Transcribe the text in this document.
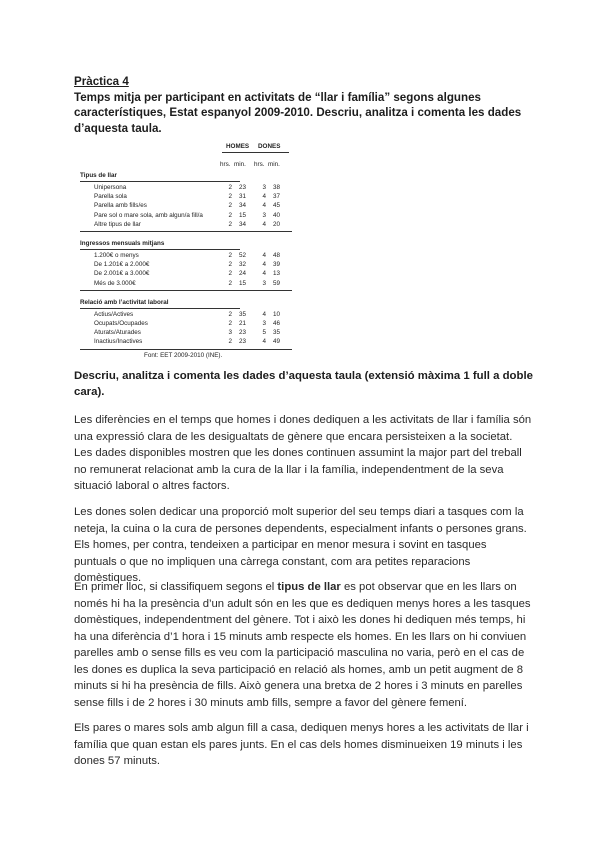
Pràctica 4
Temps mitja per participant en activitats de “llar i família” segons algunes característiques, Estat espanyol 2009-2010. Descriu, analitza i comenta les dades d’aquesta taula.
HOMES DONES
hrs. min. hrs. min.
Tipus de llar
Unipersona	2	23	3	38
Parella sola	2	31	4	37
Parella amb fills/es	2	34	4	45
Pare sol o mare sola, amb algun/a fill/a	2	15	3	40
Altre tipus de llar	2	34	4	20
Ingressos mensuals mitjans
1.200€ o menys	2	52	4	48
De 1.201€ a 2.000€	2	32	4	39
De 2.001€ a 3.000€	2	24	4	13
Més de 3.000€	2	15	3	59
Relació amb l’activitat laboral
Actius/Actives	2	35	4	10
Ocupats/Ocupades	2	21	3	46
Aturats/Aturades	3	23	5	35
Inactius/Inactives	2	23	4	49
Font: EET 2009-2010 (INE).
Descriu, analitza i comenta les dades d’aquesta taula (extensió màxima 1 full a doble cara).
Les diferències en el temps que homes i dones dediquen a les activitats de llar i família són una expressió clara de les desigualtats de gènere que encara persisteixen a la societat. Les dades disponibles mostren que les dones continuen assumint la major part del treball no remunerat relacionat amb la cura de la llar i la família, independentment de la seva situació laboral o altres factors.
Les dones solen dedicar una proporció molt superior del seu temps diari a tasques com la neteja, la cuina o la cura de persones dependents, especialment infants o persones grans. Els homes, per contra, tendeixen a participar en menor mesura i sovint en tasques puntuals o que no impliquen una càrrega constant, com ara petites reparacions domèstiques.
En primer lloc, si classifiquem segons el tipus de llar es pot observar que en les llars on només hi ha la presència d’un adult són en les que es dediquen menys hores a les tasques domèstiques, independentment del gènere. Tot i això les dones hi dediquen més temps, hi ha una diferència d’1 hora i 15 minuts amb respecte els homes. En les llars on hi conviuen parelles amb o sense fills es veu com la participació masculina no varia, però en el cas de les dones es duplica la seva participació en relació als homes, amb un petit augment de 8 minuts si hi ha presència de fills. Això genera una bretxa de 2 hores i 3 minuts en parelles sense fills i de 2 hores i 30 minuts amb fills, sempre a favor del gènere femení.
Els pares o mares sols amb algun fill a casa, dediquen menys hores a les activitats de llar i família que quan estan els pares junts. En el cas dels homes disminueixen 19 minuts i les dones 57 minuts.
